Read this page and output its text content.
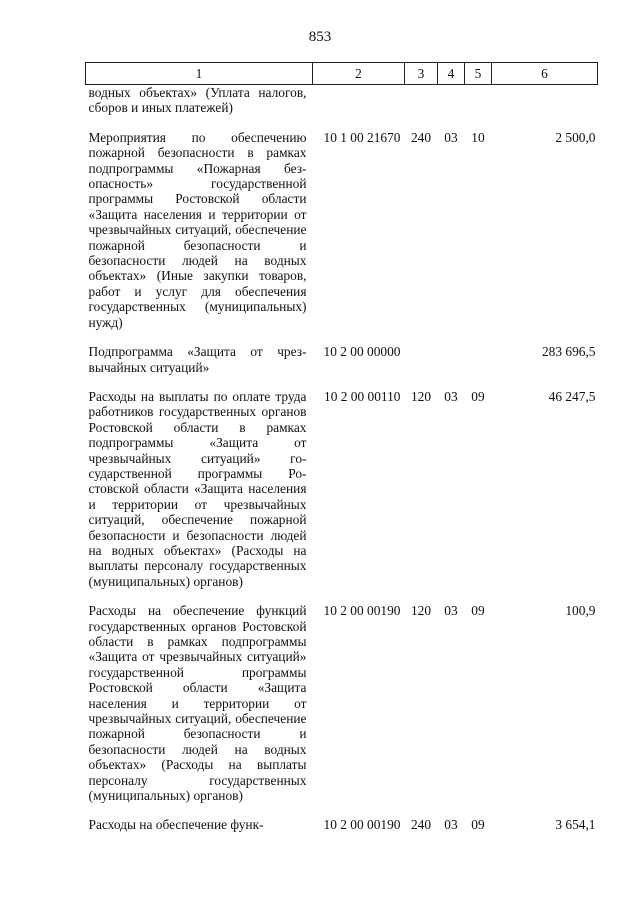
853
1	2	3	4	5	6
водных объектах» (Уплата налогов, сборов и иных платежей)					
Мероприятия по обеспечению пожарной безопасности в рамках подпрограммы «Пожарная безопасность» государственной программы Ростовской области «Защита населения и территории от чрезвычайных ситуаций, обеспечение пожарной безопасности и безопасности людей на водных объектах» (Иные закупки товаров, работ и услуг для обеспечения государственных (муниципальных) нужд)	10 1 00 21670	240	03	10	2 500,0
Подпрограмма «Защита от чрезвычайных ситуаций»	10 2 00 00000				283 696,5
Расходы на выплаты по оплате труда работников государственных органов Ростовской области в рамках подпрограммы «Защита от чрезвычайных ситуаций» государственной программы Ростовской области «Защита населения и территории от чрезвычайных ситуаций, обеспечение пожарной безопасности и безопасности людей на водных объектах» (Расходы на выплаты персоналу государственных (муниципальных) органов)	10 2 00 00110	120	03	09	46 247,5
Расходы на обеспечение функций государственных органов Ростовской области в рамках подпрограммы «Защита от чрезвычайных ситуаций» государственной программы Ростовской области «Защита населения и территории от чрезвычайных ситуаций, обеспечение пожарной безопасности и безопасности людей на водных объектах» (Расходы на выплаты персоналу государственных (муниципальных) органов)	10 2 00 00190	120	03	09	100,9
Расходы на обеспечение функ-	10 2 00 00190	240	03	09	3 654,1
